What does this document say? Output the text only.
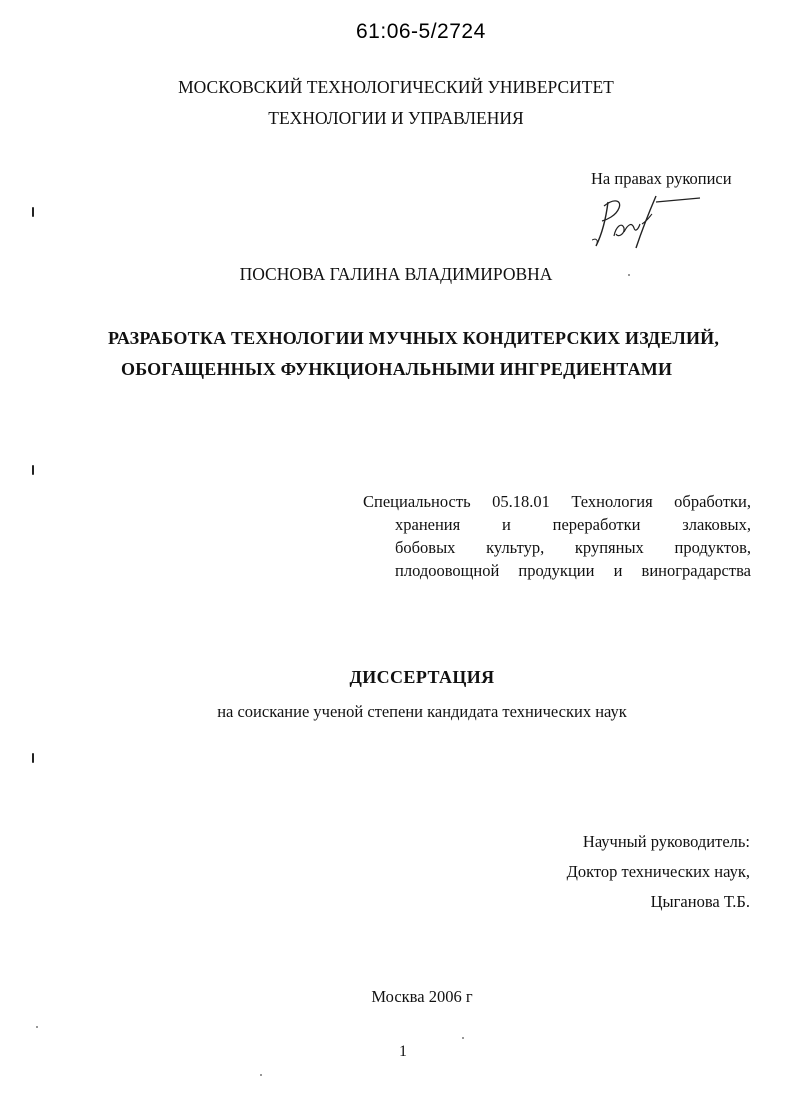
61:06-5/2724
МОСКОВСКИЙ ТЕХНОЛОГИЧЕСКИЙ УНИВЕРСИТЕТ
ТЕХНОЛОГИИ И УПРАВЛЕНИЯ
На правах рукописи
ПОСНОВА ГАЛИНА ВЛАДИМИРОВНА
РАЗРАБОТКА ТЕХНОЛОГИИ МУЧНЫХ КОНДИТЕРСКИХ ИЗДЕЛИЙ,
ОБОГАЩЕННЫХ ФУНКЦИОНАЛЬНЫМИ ИНГРЕДИЕНТАМИ
Специальность 05.18.01 Технология обработки,
хранения и переработки злаковых,
бобовых культур, крупяных продуктов,
плодоовощной продукции и виноградарства
ДИССЕРТАЦИЯ
на соискание ученой степени кандидата технических наук
Научный руководитель:
Доктор технических наук,
Цыганова Т.Б.
Москва 2006 г
1
